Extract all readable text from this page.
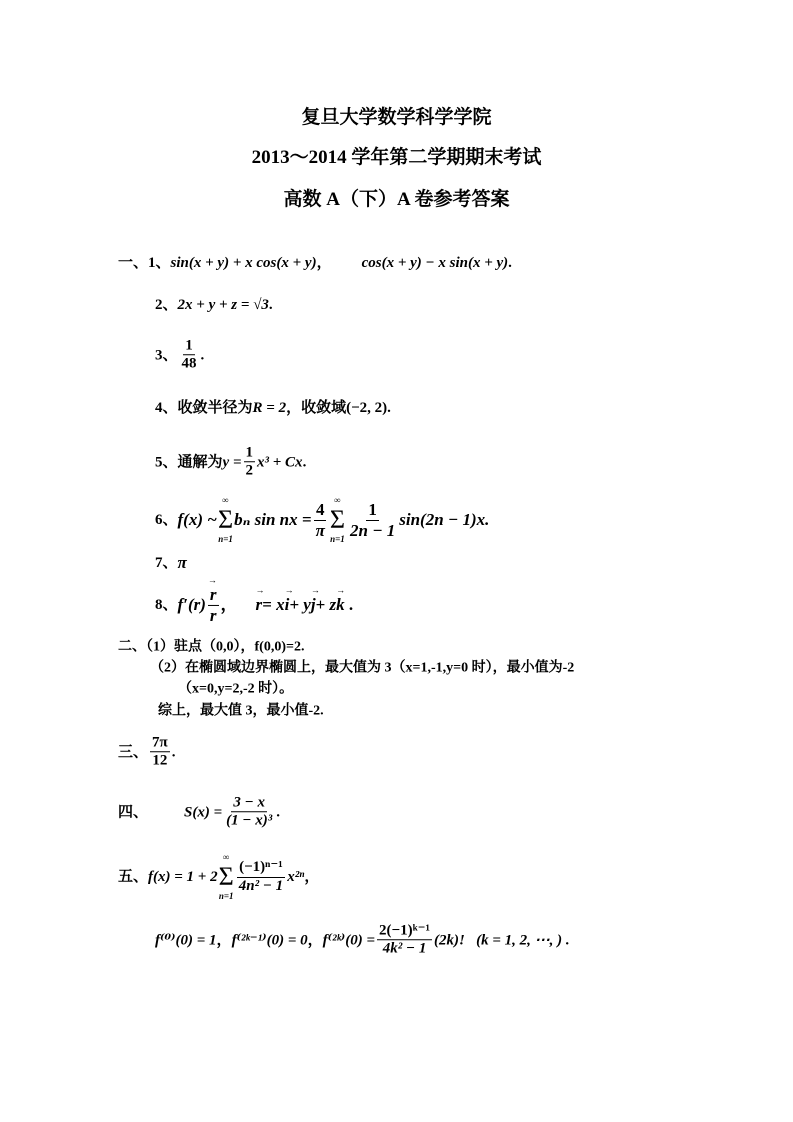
复旦大学数学科学学院
2013～2014 学年第二学期期末考试
高数 A（下）A 卷参考答案
一、 1、 sin(x + y) + x cos(x + y) ， cos(x + y) − x sin(x + y) .
2、 2x + y + z = √3 .
3、 $\frac{1}{48}$ .
4、 收敛半径为 R = 2 ，收敛域 (−2, 2) .
5、 通解为 $y = \frac{1}{2} x^3 + Cx$ .
6、 f(x) ~
∞
Σ
n=1
bₙ sin nx = $\frac{4}{\pi}$ ∞
Σ
$n=1 \frac{1}{2n - 1} \sin(2n - 1)x$.
7、 π
8、 $f'(r) \to \frac{r}{r}$ ， → r = x → i + y → j + z → k .
二、（1）驻点（0,0），f(0,0)=2.
（2）在椭圆域边界椭圆上，最大值为 3（x=1,-1,y=0 时），最小值为-2
（x=0,y=2,-2 时）。
综上，最大值 3，最小值-2.
三、 $\frac{7\pi}{12}$ .
四、 $S(x) = \frac{3 - x}{\text{(1 − x)³}}$ .
五、 f(x) = 1 + 2
∞
Σ
n=1
$\frac{\text{(−1)ⁿ⁻¹}}{\text{4n² − 1}} x^{2n}$ ，
f⁽⁰⁾(0) = 1 ， f⁽²ᵏ⁻¹⁾(0) = 0 ， f⁽²ᵏ⁾(0) = $\frac{\text{2(−1)ᵏ⁻¹}}{\text{4k² − 1}} (2k)$!   (k = 1, 2, ⋯, ) .
